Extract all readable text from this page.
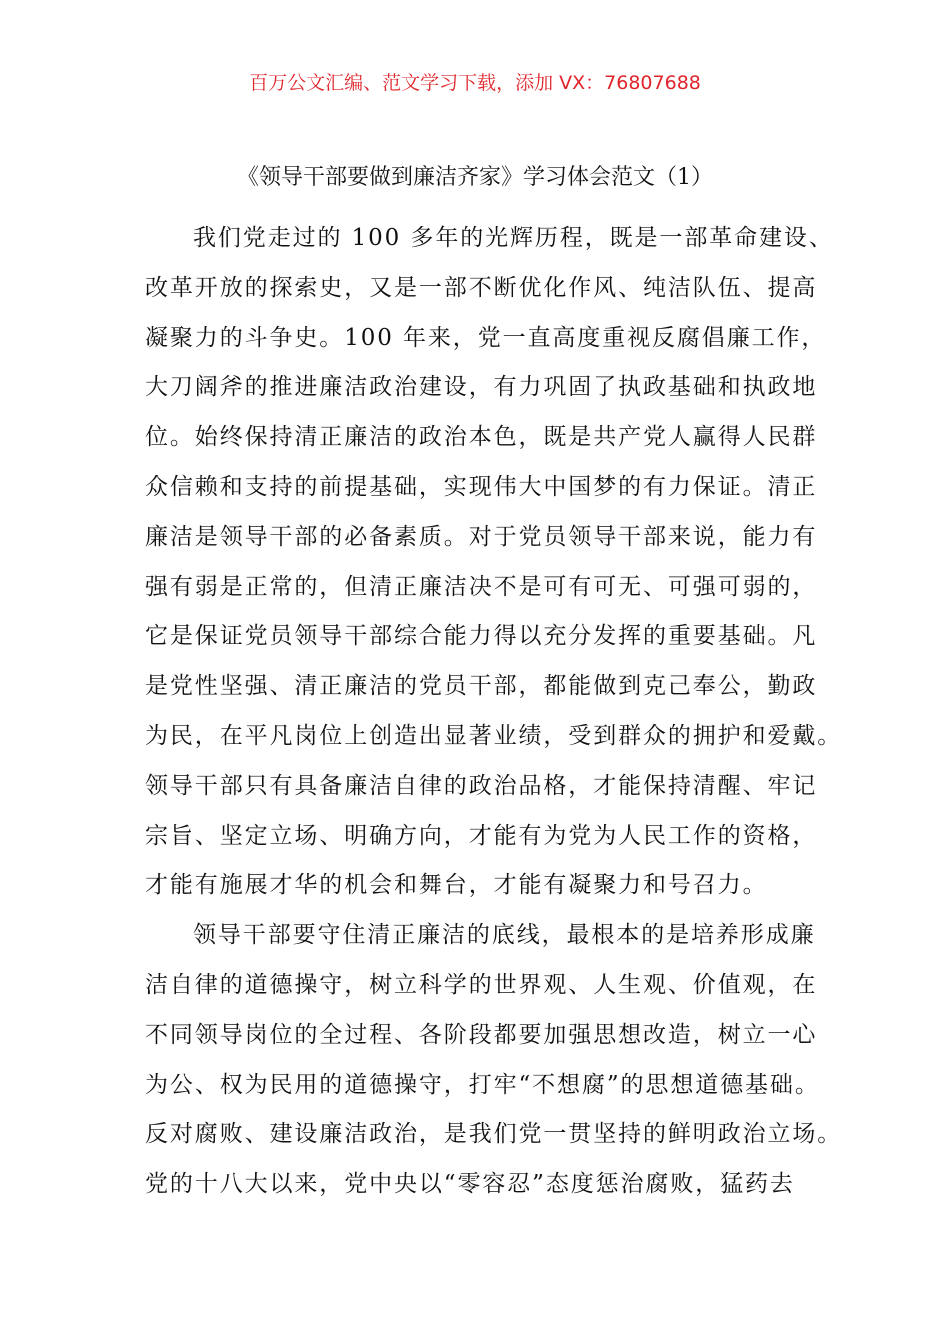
百万公文汇编、范文学习下载，添加 VX：76807688
《领导干部要做到廉洁齐家》学习体会范文（1）
我们党走过的 100 多年的光辉历程，既是一部革命建设、
改革开放的探索史，又是一部不断优化作风、纯洁队伍、提高
凝聚力的斗争史。100 年来，党一直高度重视反腐倡廉工作，
大刀阔斧的推进廉洁政治建设，有力巩固了执政基础和执政地
位。始终保持清正廉洁的政治本色，既是共产党人赢得人民群
众信赖和支持的前提基础，实现伟大中国梦的有力保证。清正
廉洁是领导干部的必备素质。对于党员领导干部来说，能力有
强有弱是正常的，但清正廉洁决不是可有可无、可强可弱的，
它是保证党员领导干部综合能力得以充分发挥的重要基础。凡
是党性坚强、清正廉洁的党员干部，都能做到克己奉公，勤政
为民，在平凡岗位上创造出显著业绩，受到群众的拥护和爱戴。
领导干部只有具备廉洁自律的政治品格，才能保持清醒、牢记
宗旨、坚定立场、明确方向，才能有为党为人民工作的资格，
才能有施展才华的机会和舞台，才能有凝聚力和号召力。
领导干部要守住清正廉洁的底线，最根本的是培养形成廉
洁自律的道德操守，树立科学的世界观、人生观、价值观，在
不同领导岗位的全过程、各阶段都要加强思想改造，树立一心
为公、权为民用的道德操守，打牢“不想腐”的思想道德基础。
反对腐败、建设廉洁政治，是我们党一贯坚持的鲜明政治立场。
党的十八大以来，党中央以“零容忍”态度惩治腐败，猛药去
